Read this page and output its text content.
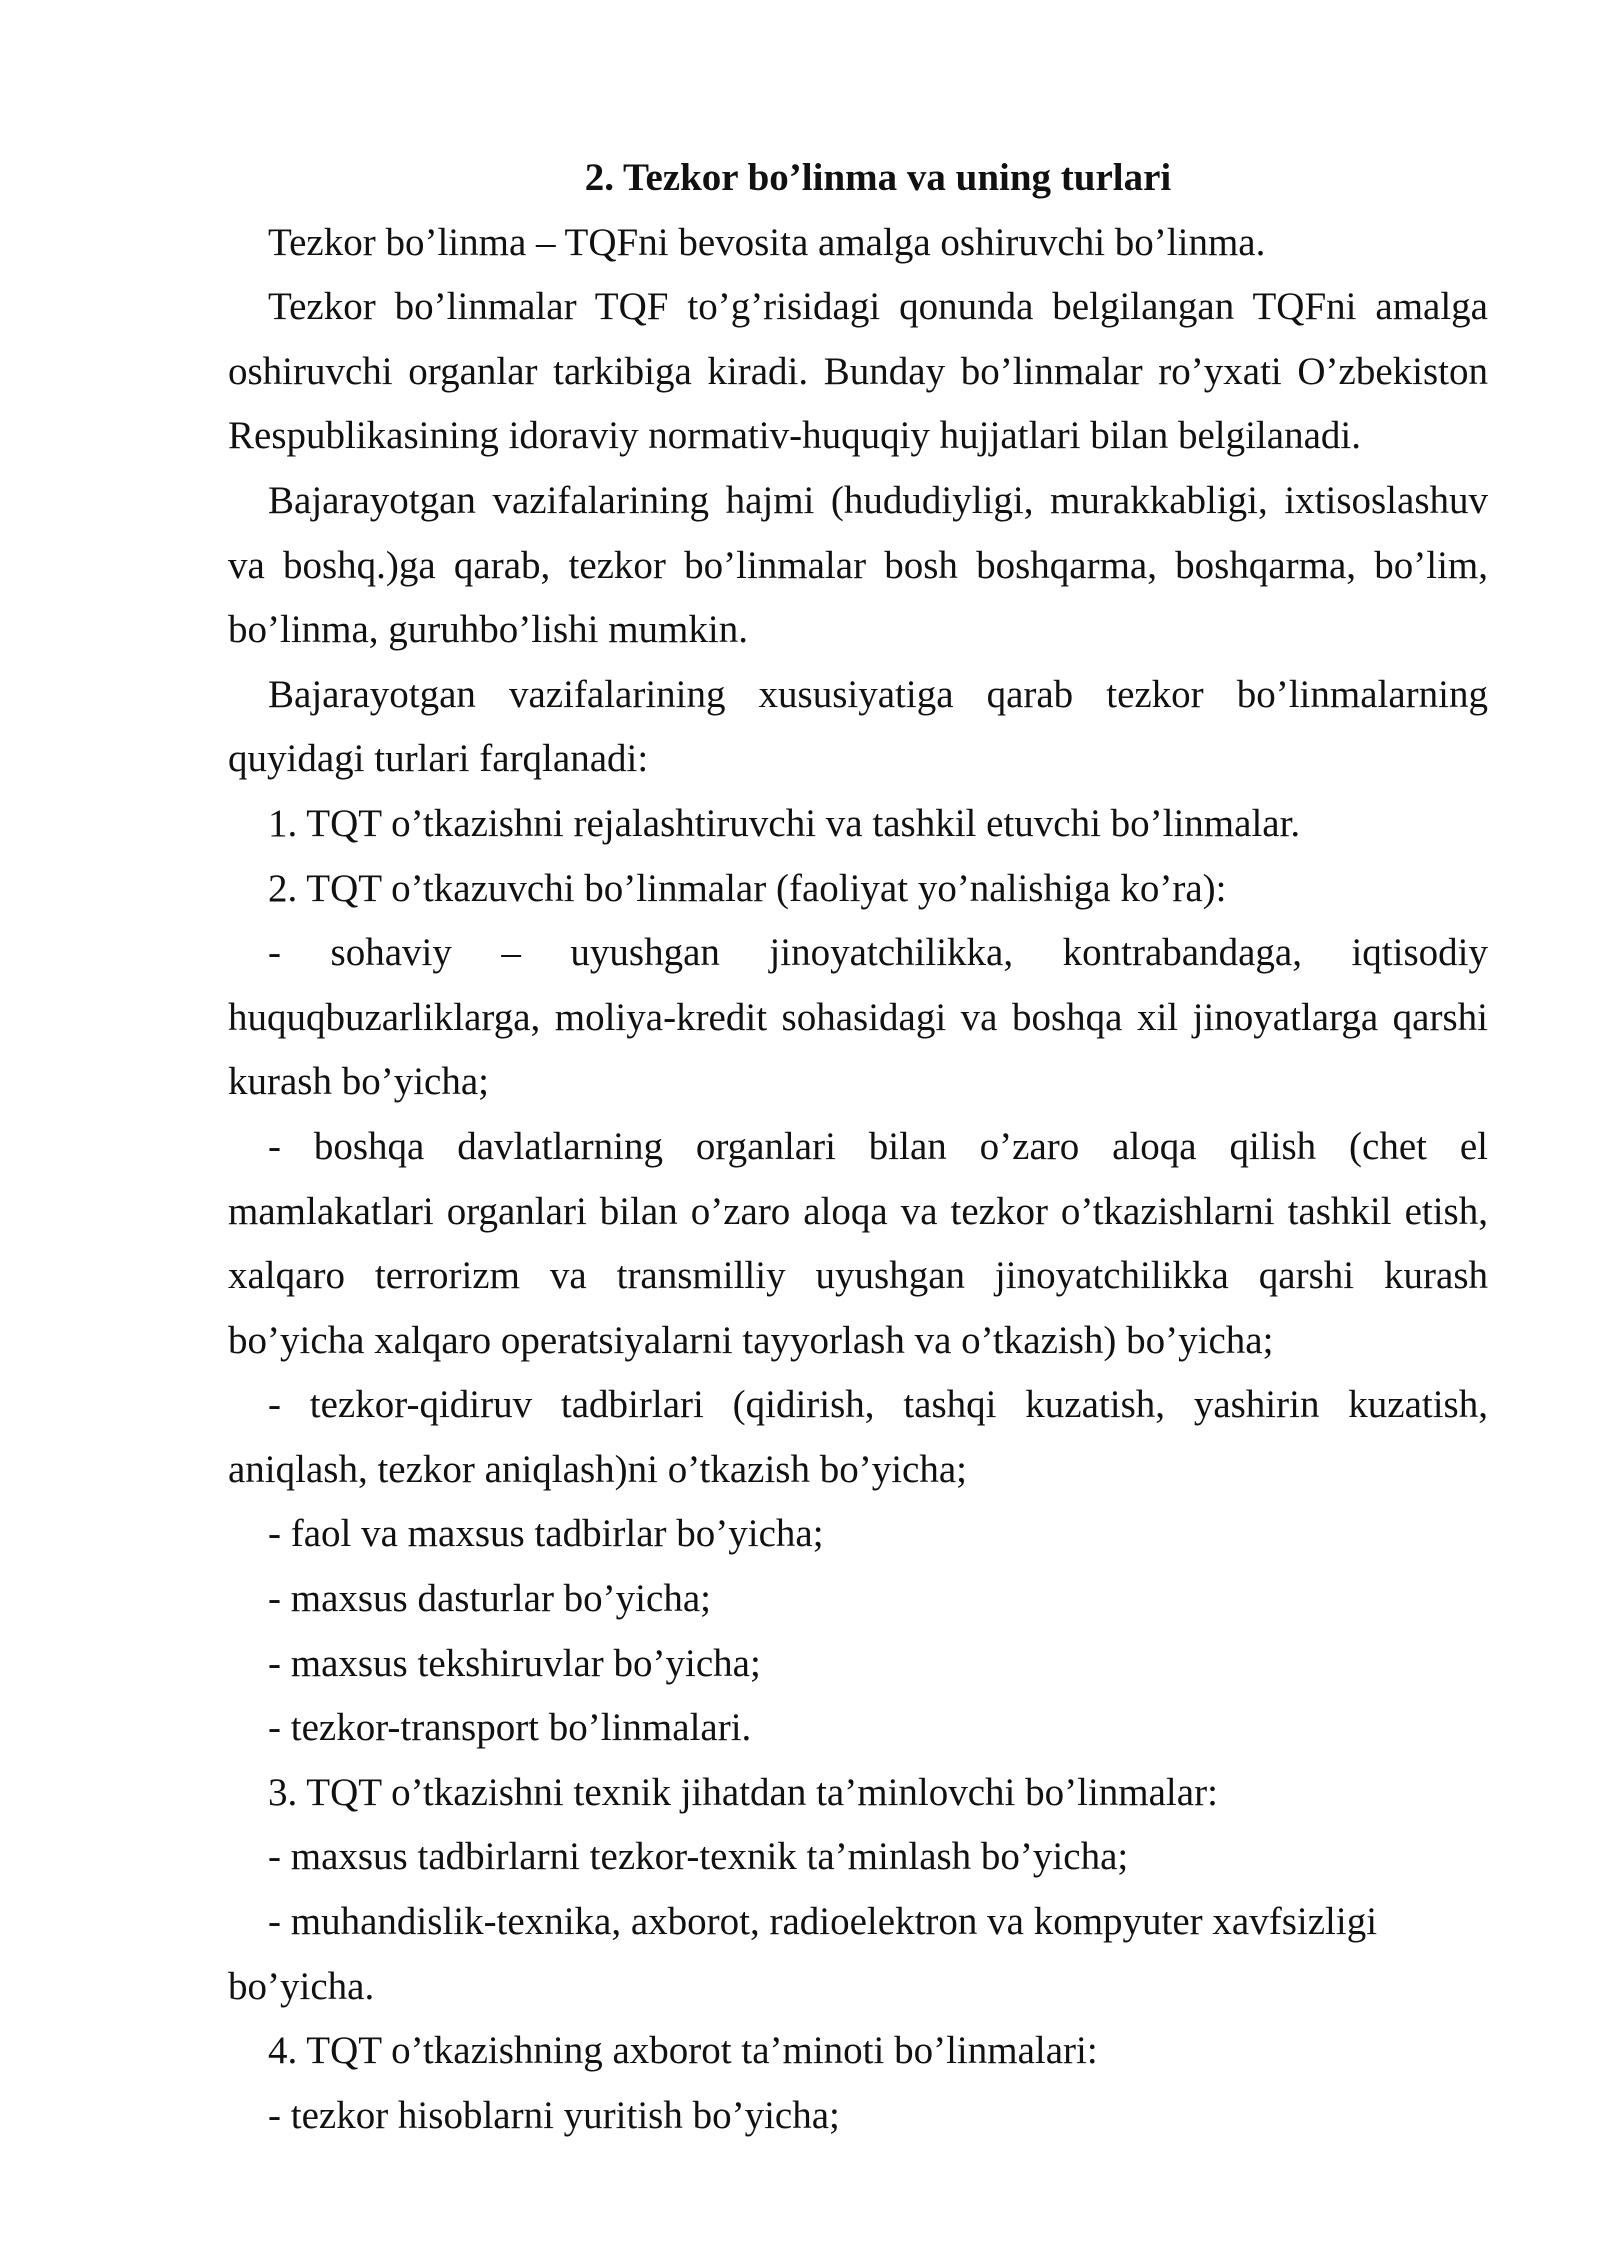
2. Tezkor bo’linma va uning turlari

Tezkor bo’linma – TQFni bevosita amalga oshiruvchi bo’linma.

Tezkor bo’linmalar TQF to’g’risidagi qonunda belgilangan TQFni amalga oshiruvchi organlar tarkibiga kiradi. Bunday bo’linmalar ro’yxati O’zbekiston Respublikasining idoraviy normativ-huquqiy hujjatlari bilan belgilanadi.

Bajarayotgan vazifalarining hajmi (hududiyligi, murakkabligi, ixtisoslashuv va boshq.)ga qarab, tezkor bo’linmalar bosh boshqarma, boshqarma, bo’lim, bo’linma, guruhbo’lishi mumkin.

Bajarayotgan vazifalarining xususiyatiga qarab tezkor bo’linmalarning quyidagi turlari farqlanadi:

1. TQT o’tkazishni rejalashtiruvchi va tashkil etuvchi bo’linmalar.

2. TQT o’tkazuvchi bo’linmalar (faoliyat yo’nalishiga ko’ra):

- sohaviy – uyushgan jinoyatchilikka, kontrabandaga, iqtisodiy huquqbuzarliklarga, moliya-kredit sohasidagi va boshqa xil jinoyatlarga qarshi kurash bo’yicha;

- boshqa davlatlarning organlari bilan o’zaro aloqa qilish (chet el mamlakatlari organlari bilan o’zaro aloqa va tezkor o’tkazishlarni tashkil etish, xalqaro terrorizm va transmilliy uyushgan jinoyatchilikka qarshi kurash bo’yicha xalqaro operatsiyalarni tayyorlash va o’tkazish) bo’yicha;

- tezkor-qidiruv tadbirlari (qidirish, tashqi kuzatish, yashirin kuzatish, aniqlash, tezkor aniqlash)ni o’tkazish bo’yicha;

- faol va maxsus tadbirlar bo’yicha;

- maxsus dasturlar bo’yicha;

- maxsus tekshiruvlar bo’yicha;

- tezkor-transport bo’linmalari.

3. TQT o’tkazishni texnik jihatdan ta’minlovchi bo’linmalar:

- maxsus tadbirlarni tezkor-texnik ta’minlash bo’yicha;

- muhandislik-texnika, axborot, radioelektron va kompyuter xavfsizligi bo’yicha.

4. TQT o’tkazishning axborot ta’minoti bo’linmalari:

- tezkor hisoblarni yuritish bo’yicha;
